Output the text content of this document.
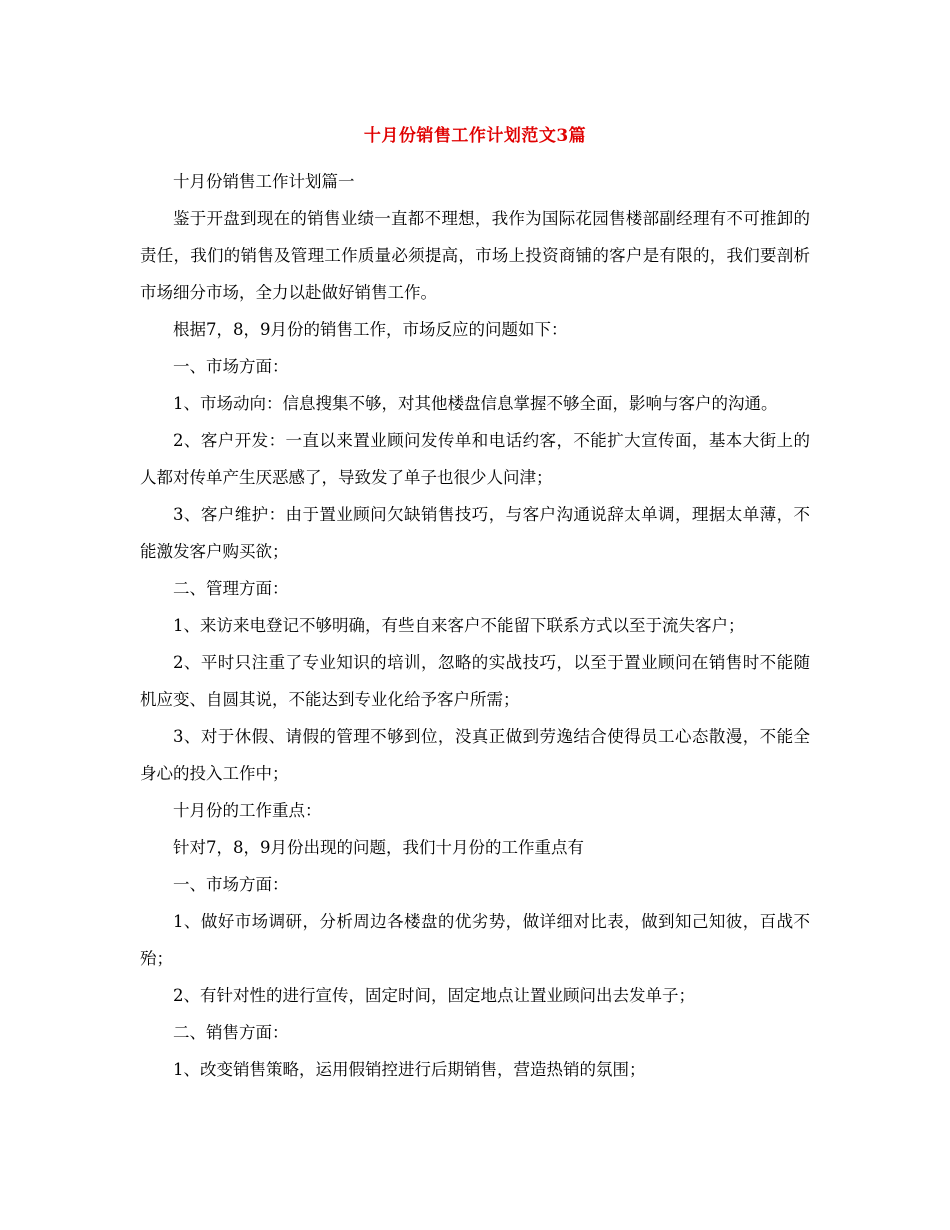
十月份销售工作计划范文3篇

十月份销售工作计划篇一

鉴于开盘到现在的销售业绩一直都不理想，我作为国际花园售楼部副经理有不可推卸的责任，我们的销售及管理工作质量必须提高，市场上投资商铺的客户是有限的，我们要剖析市场细分市场，全力以赴做好销售工作。

根据7，8，9月份的销售工作，市场反应的问题如下：

一、市场方面：

1、市场动向：信息搜集不够，对其他楼盘信息掌握不够全面，影响与客户的沟通。

2、客户开发：一直以来置业顾问发传单和电话约客，不能扩大宣传面，基本大街上的人都对传单产生厌恶感了，导致发了单子也很少人问津；

3、客户维护：由于置业顾问欠缺销售技巧，与客户沟通说辞太单调，理据太单薄，不能激发客户购买欲；

二、管理方面：

1、来访来电登记不够明确，有些自来客户不能留下联系方式以至于流失客户；

2、平时只注重了专业知识的培训，忽略的实战技巧，以至于置业顾问在销售时不能随机应变、自圆其说，不能达到专业化给予客户所需；

3、对于休假、请假的管理不够到位，没真正做到劳逸结合使得员工心态散漫，不能全身心的投入工作中；

十月份的工作重点：

针对7，8，9月份出现的问题，我们十月份的工作重点有

一、市场方面：

1、做好市场调研，分析周边各楼盘的优劣势，做详细对比表，做到知己知彼，百战不殆；

2、有针对性的进行宣传，固定时间，固定地点让置业顾问出去发单子；

二、销售方面：

1、改变销售策略，运用假销控进行后期销售，营造热销的氛围；
